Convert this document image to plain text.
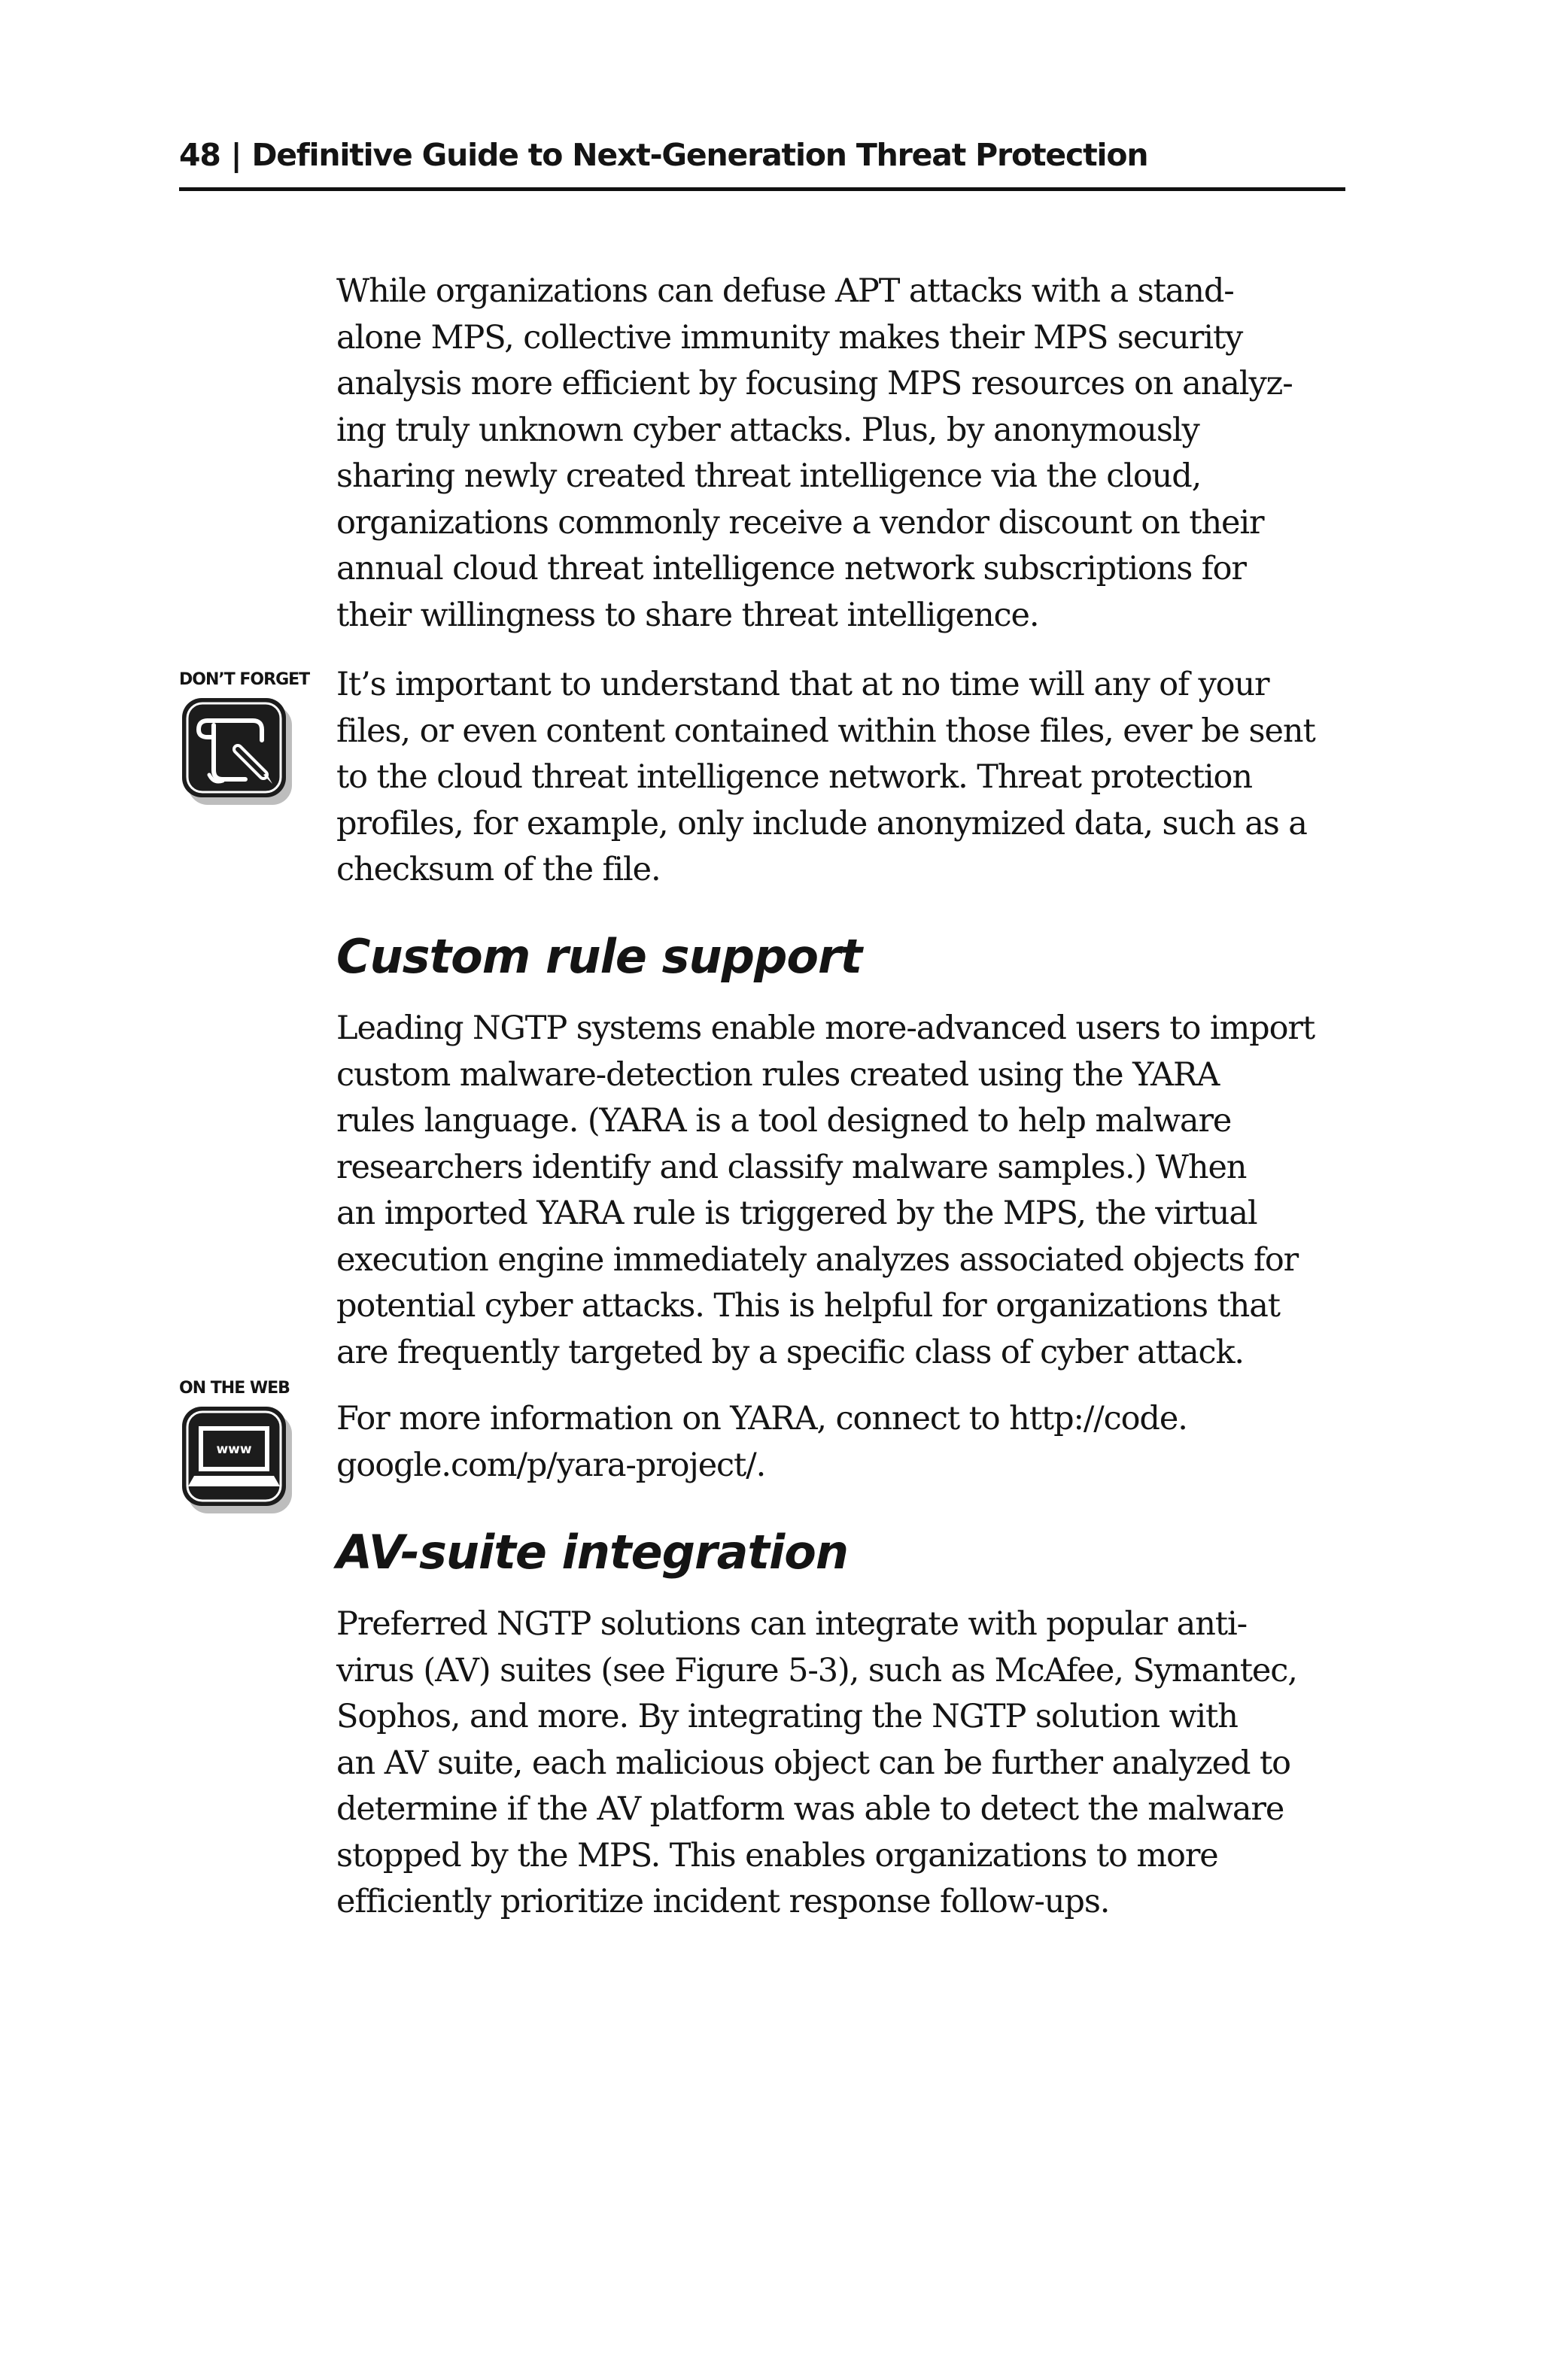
48 | Definitive Guide to Next-Generation Threat Protection

While organizations can defuse APT attacks with a stand-
alone MPS, collective immunity makes their MPS security
analysis more efficient by focusing MPS resources on analyz-
ing truly unknown cyber attacks. Plus, by anonymously
sharing newly created threat intelligence via the cloud,
organizations commonly receive a vendor discount on their
annual cloud threat intelligence network subscriptions for
their willingness to share threat intelligence.

DON’T FORGET It’s important to understand that at no time will any of your
files, or even content contained within those files, ever be sent
to the cloud threat intelligence network. Threat protection
profiles, for example, only include anonymized data, such as a
checksum of the file.

Custom rule support

Leading NGTP systems enable more-advanced users to import
custom malware-detection rules created using the YARA
rules language. (YARA is a tool designed to help malware
researchers identify and classify malware samples.) When
an imported YARA rule is triggered by the MPS, the virtual
execution engine immediately analyzes associated objects for
potential cyber attacks. This is helpful for organizations that
are frequently targeted by a specific class of cyber attack.

ON THE WEB
www

For more information on YARA, connect to http://code.
google.com/p/yara-project/.

AV-suite integration

Preferred NGTP solutions can integrate with popular anti-
virus (AV) suites (see Figure 5-3), such as McAfee, Symantec,
Sophos, and more. By integrating the NGTP solution with
an AV suite, each malicious object can be further analyzed to
determine if the AV platform was able to detect the malware
stopped by the MPS. This enables organizations to more
efficiently prioritize incident response follow-ups.
